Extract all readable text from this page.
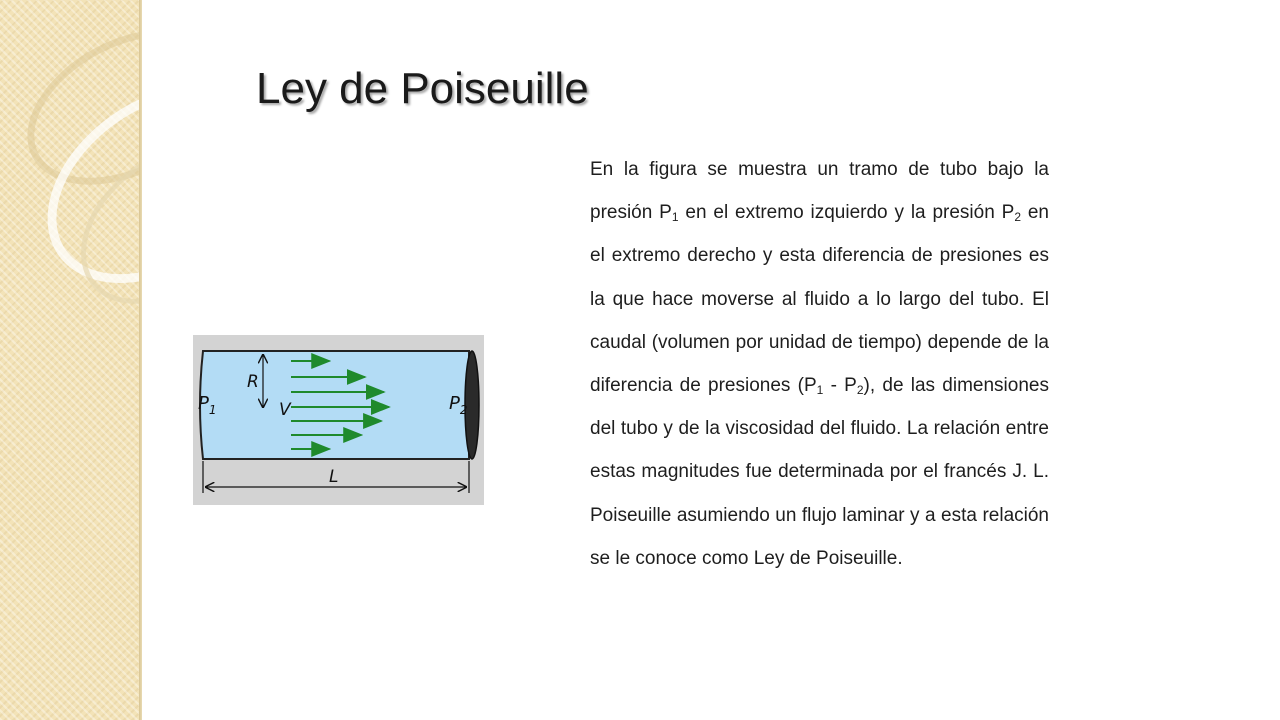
Ley de Poiseuille

En la figura se muestra un tramo de tubo bajo la presión $P_1$ en el extremo izquierdo y la presión $P_2$ en el extremo derecho y esta diferencia de presiones es la que hace moverse al fluido a lo largo del tubo. El caudal (volumen por unidad de tiempo) depende de la diferencia de presiones $(P_1 - P_2)$, de las dimensiones del tubo y de la viscosidad del fluido. La relación entre estas magnitudes fue determinada por el francés J. L. Poiseuille asumiendo un flujo laminar y a esta relación se le conoce como Ley de Poiseuille.

$P_1$	$P_2$
R
V
L
